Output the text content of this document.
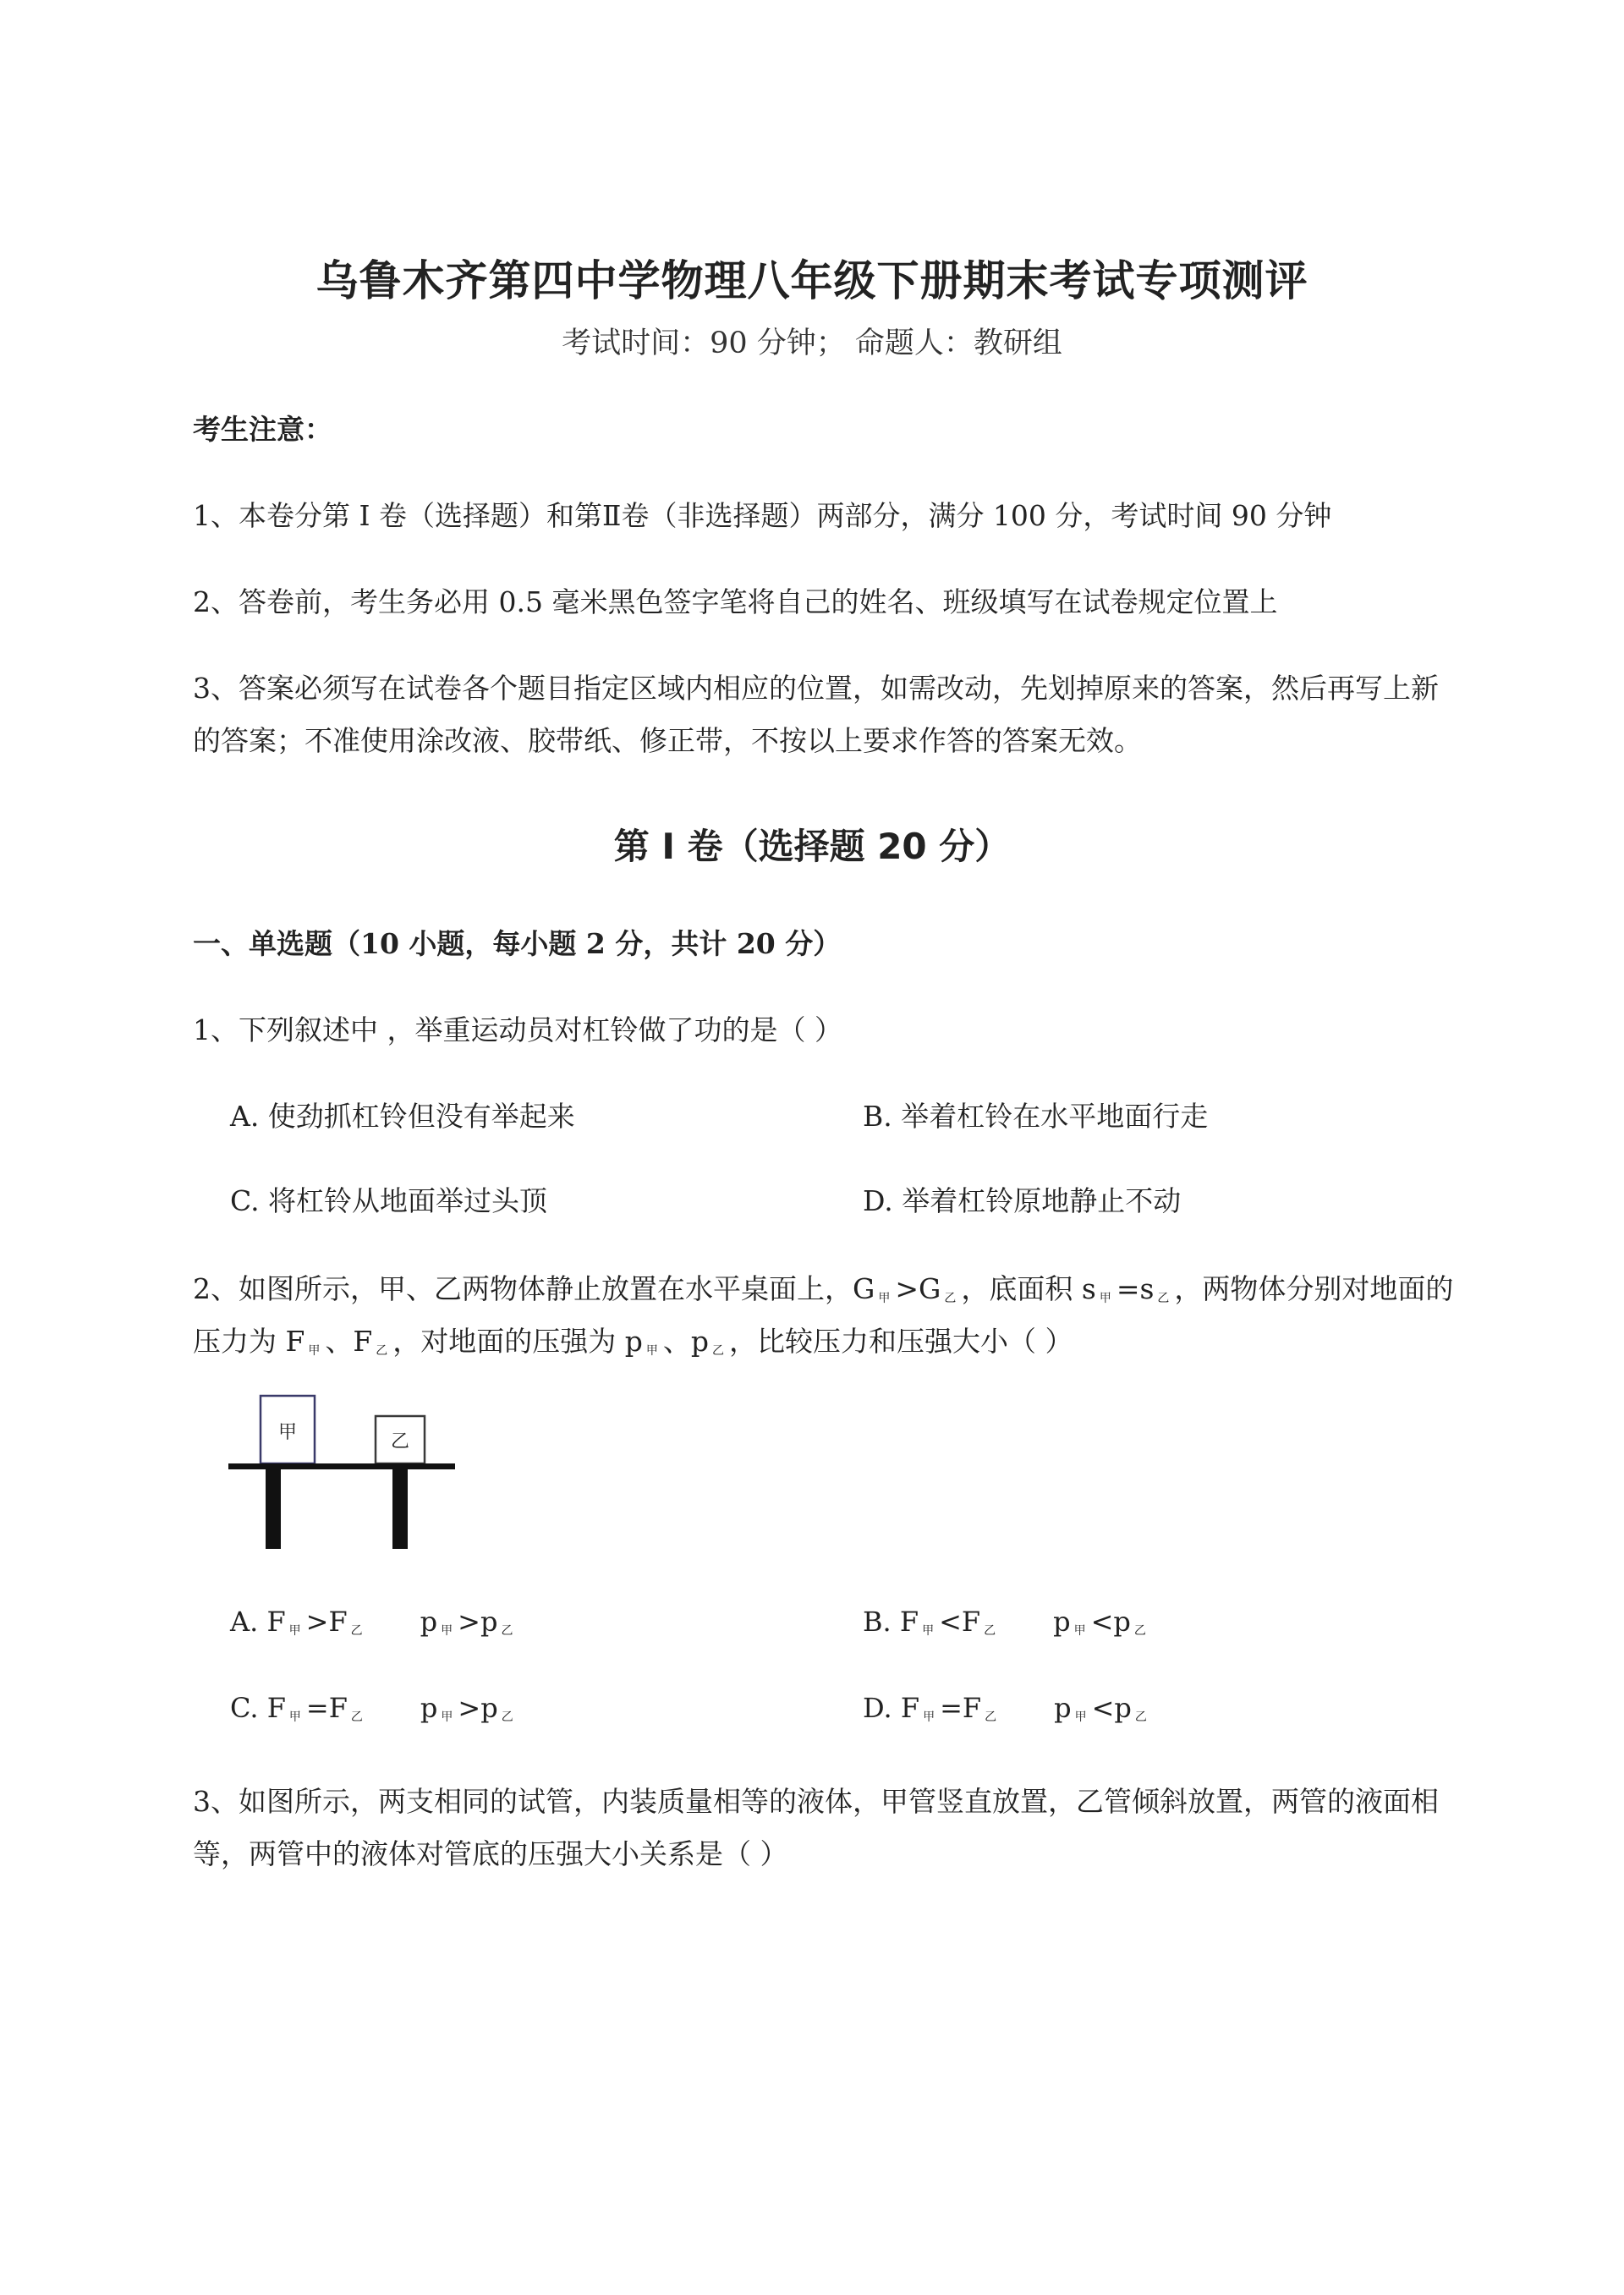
乌鲁木齐第四中学物理八年级下册期末考试专项测评
考试时间：90 分钟； 命题人：教研组
考生注意：
1、本卷分第 I 卷（选择题）和第Ⅱ卷（非选择题）两部分，满分 100 分，考试时间 90 分钟
2、答卷前，考生务必用 0.5 毫米黑色签字笔将自己的姓名、班级填写在试卷规定位置上
3、答案必须写在试卷各个题目指定区域内相应的位置，如需改动，先划掉原来的答案，然后再写上新
的答案；不准使用涂改液、胶带纸、修正带，不按以上要求作答的答案无效。
第 I 卷（选择题 20 分）
一、单选题（10 小题，每小题 2 分，共计 20 分）
1、下列叙述中 ，举重运动员对杠铃做了功的是（ ）
A. 使劲抓杠铃但没有举起来	B. 举着杠铃在水平地面行走
C. 将杠铃从地面举过头顶	D. 举着杠铃原地静止不动
2、如图所示，甲、乙两物体静止放置在水平桌面上，G $_甲$ >G $_乙$ ，底面积 s $_甲$ =s $_乙$ ，两物体分别对地面的
压力为 F $_甲$ 、F $_乙$ ，对地面的压强为 p $_甲$ 、p $_乙$ ，比较压力和压强大小（ ）
甲	乙
A. F $_甲$ >F $_乙$ p $_甲$ >p $_乙$	B. F $_甲$ <F $_乙$ p $_甲$ <p $_乙$
C. F $_甲$ =F $_乙$ p $_甲$ >p $_乙$	D. F $_甲$ =F $_乙$ p $_甲$ <p $_乙$
3、如图所示，两支相同的试管，内装质量相等的液体，甲管竖直放置，乙管倾斜放置，两管的液面相
等，两管中的液体对管底的压强大小关系是（ ）
